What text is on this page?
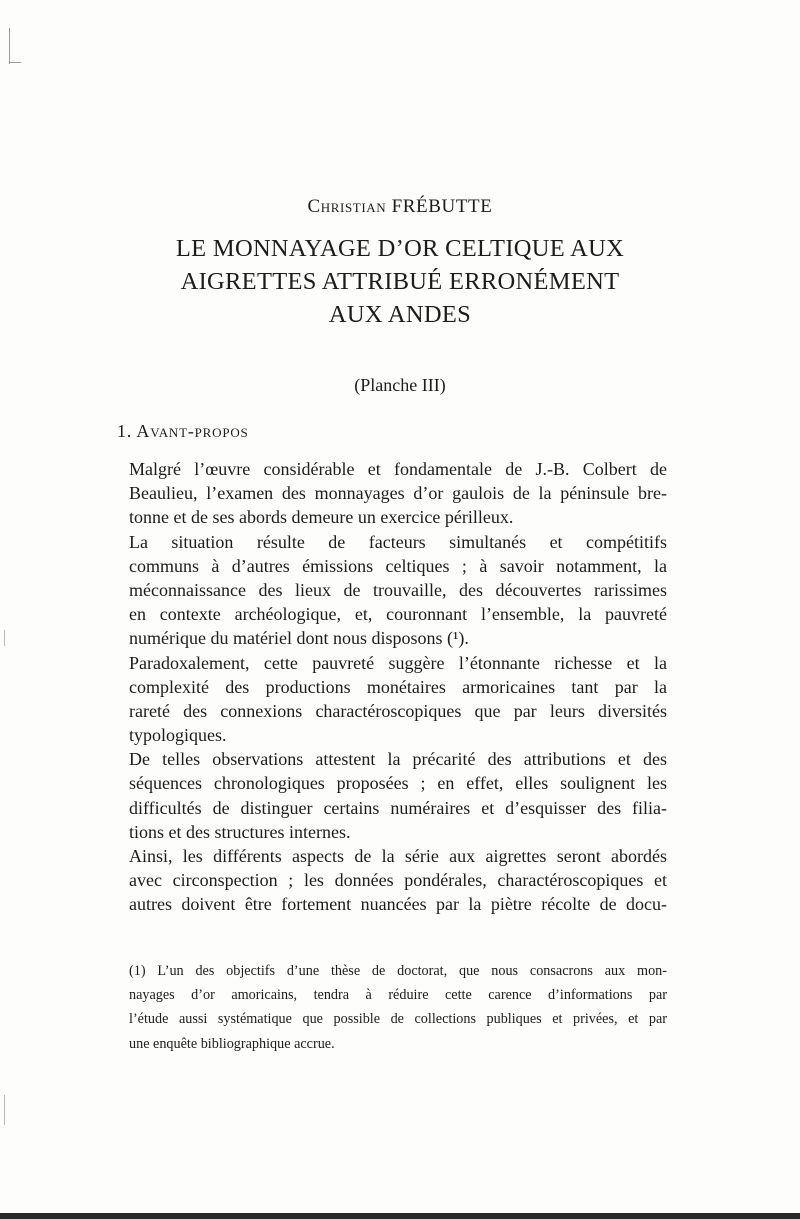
Christian FRÉBUTTE
LE MONNAYAGE D’OR CELTIQUE AUX
AIGRETTES ATTRIBUÉ ERRONÉMENT
AUX ANDES
(Planche III)
1. Avant-propos
Malgré l’œuvre considérable et fondamentale de J.-B. Colbert de
Beaulieu, l’examen des monnayages d’or gaulois de la péninsule bre-
tonne et de ses abords demeure un exercice périlleux.
La situation résulte de facteurs simultanés et compétitifs
communs à d’autres émissions celtiques ; à savoir notamment, la
méconnaissance des lieux de trouvaille, des découvertes rarissimes
en contexte archéologique, et, couronnant l’ensemble, la pauvreté
numérique du matériel dont nous disposons (¹).
Paradoxalement, cette pauvreté suggère l’étonnante richesse et la
complexité des productions monétaires armoricaines tant par la
rareté des connexions charactéroscopiques que par leurs diversités
typologiques.
De telles observations attestent la précarité des attributions et des
séquences chronologiques proposées ; en effet, elles soulignent les
difficultés de distinguer certains numéraires et d’esquisser des filia-
tions et des structures internes.
Ainsi, les différents aspects de la série aux aigrettes seront abordés
avec circonspection ; les données pondérales, charactéroscopiques et
autres doivent être fortement nuancées par la piètre récolte de docu-
(1) L’un des objectifs d’une thèse de doctorat, que nous consacrons aux mon-
nayages d’or amoricains, tendra à réduire cette carence d’informations par
l’étude aussi systématique que possible de collections publiques et privées, et par
une enquête bibliographique accrue.
